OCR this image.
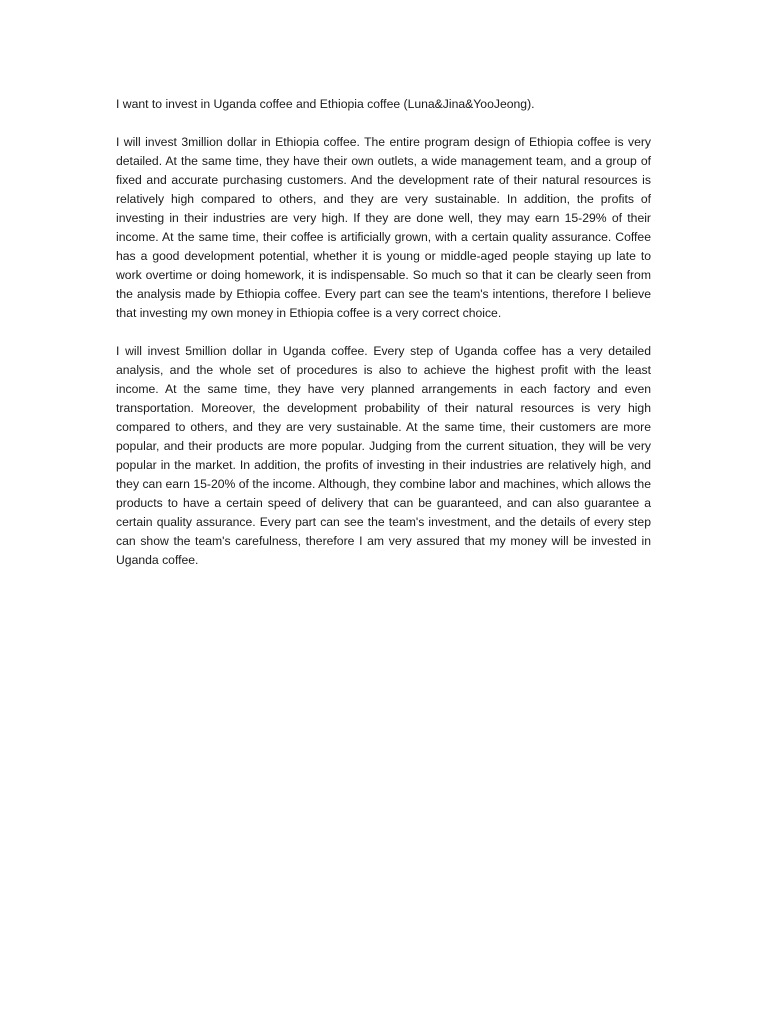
I want to invest in Uganda coffee and Ethiopia coffee (Luna&Jina&YooJeong).

I will invest 3million dollar in Ethiopia coffee. The entire program design of Ethiopia coffee is very detailed. At the same time, they have their own outlets, a wide management team, and a group of fixed and accurate purchasing customers. And the development rate of their natural resources is relatively high compared to others, and they are very sustainable. In addition, the profits of investing in their industries are very high. If they are done well, they may earn 15-29% of their income. At the same time, their coffee is artificially grown, with a certain quality assurance. Coffee has a good development potential, whether it is young or middle-aged people staying up late to work overtime or doing homework, it is indispensable. So much so that it can be clearly seen from the analysis made by Ethiopia coffee. Every part can see the team's intentions, therefore I believe that investing my own money in Ethiopia coffee is a very correct choice.

I will invest 5million dollar in Uganda coffee. Every step of Uganda coffee has a very detailed analysis, and the whole set of procedures is also to achieve the highest profit with the least income. At the same time, they have very planned arrangements in each factory and even transportation. Moreover, the development probability of their natural resources is very high compared to others, and they are very sustainable. At the same time, their customers are more popular, and their products are more popular. Judging from the current situation, they will be very popular in the market. In addition, the profits of investing in their industries are relatively high, and they can earn 15-20% of the income. Although, they combine labor and machines, which allows the products to have a certain speed of delivery that can be guaranteed, and can also guarantee a certain quality assurance. Every part can see the team's investment, and the details of every step can show the team's carefulness, therefore I am very assured that my money will be invested in Uganda coffee.
